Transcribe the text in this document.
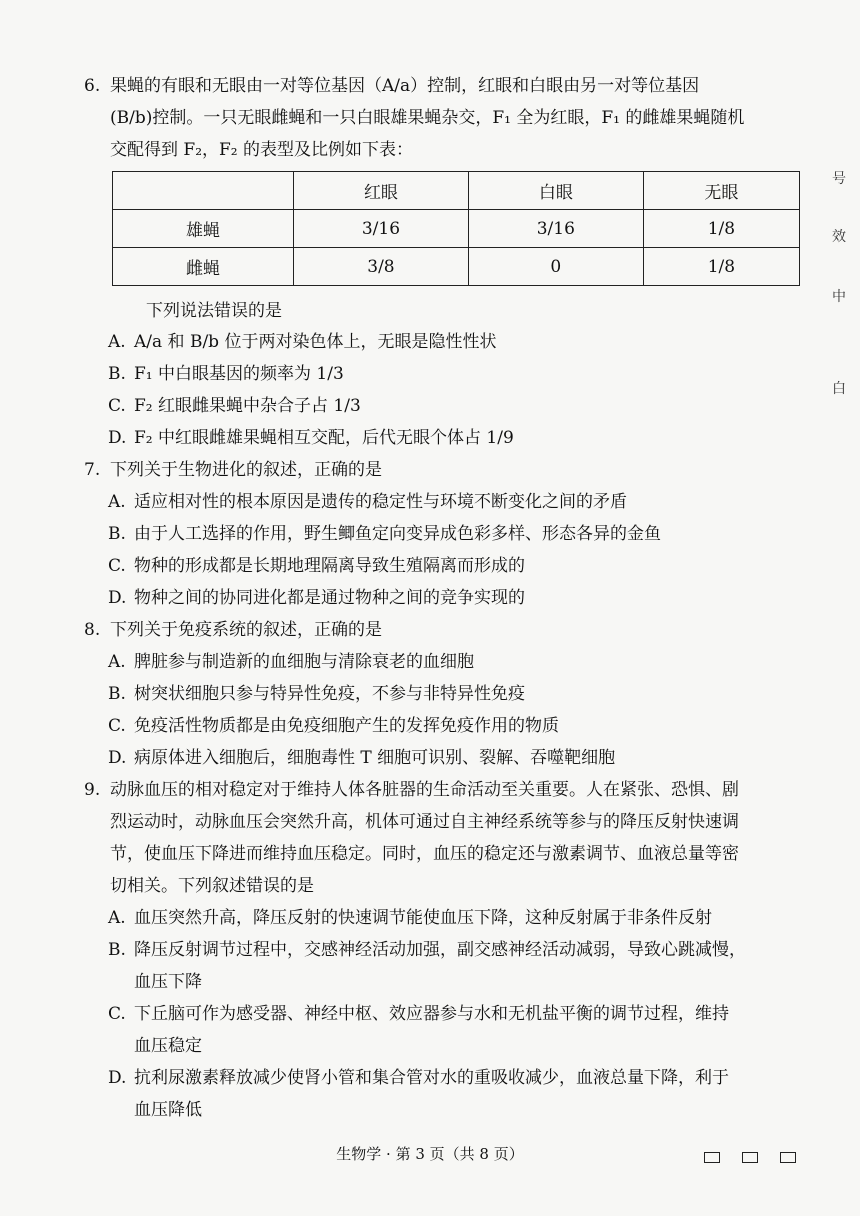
6. 果蝇的有眼和无眼由一对等位基因（A/a）控制，红眼和白眼由另一对等位基因
(B/b)控制。一只无眼雌蝇和一只白眼雄果蝇杂交，F₁ 全为红眼，F₁ 的雌雄果蝇随机
交配得到 F₂，F₂ 的表型及比例如下表：
	红眼	白眼	无眼
雄蝇	3/16	3/16	1/8
雌蝇	3/8	0	1/8
下列说法错误的是
A. A/a 和 B/b 位于两对染色体上，无眼是隐性性状
B. F₁ 中白眼基因的频率为 1/3
C. F₂ 红眼雌果蝇中杂合子占 1/3
D. F₂ 中红眼雌雄果蝇相互交配，后代无眼个体占 1/9
7. 下列关于生物进化的叙述，正确的是
A. 适应相对性的根本原因是遗传的稳定性与环境不断变化之间的矛盾
B. 由于人工选择的作用，野生鲫鱼定向变异成色彩多样、形态各异的金鱼
C. 物种的形成都是长期地理隔离导致生殖隔离而形成的
D. 物种之间的协同进化都是通过物种之间的竞争实现的
8. 下列关于免疫系统的叙述，正确的是
A. 脾脏参与制造新的血细胞与清除衰老的血细胞
B. 树突状细胞只参与特异性免疫，不参与非特异性免疫
C. 免疫活性物质都是由免疫细胞产生的发挥免疫作用的物质
D. 病原体进入细胞后，细胞毒性 T 细胞可识别、裂解、吞噬靶细胞
9. 动脉血压的相对稳定对于维持人体各脏器的生命活动至关重要。人在紧张、恐惧、剧
烈运动时，动脉血压会突然升高，机体可通过自主神经系统等参与的降压反射快速调
节，使血压下降进而维持血压稳定。同时，血压的稳定还与激素调节、血液总量等密
切相关。下列叙述错误的是
A. 血压突然升高，降压反射的快速调节能使血压下降，这种反射属于非条件反射
B. 降压反射调节过程中，交感神经活动加强，副交感神经活动减弱，导致心跳减慢，
血压下降
C. 下丘脑可作为感受器、神经中枢、效应器参与水和无机盐平衡的调节过程，维持
血压稳定
D. 抗利尿激素释放减少使肾小管和集合管对水的重吸收减少，血液总量下降，利于
血压降低
号
效
中
白
生物学 · 第 3 页（共 8 页）
